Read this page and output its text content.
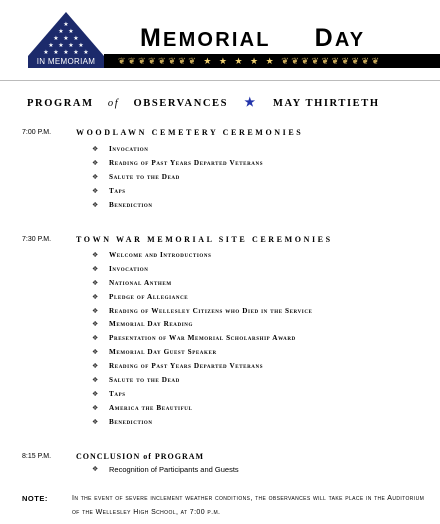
★
★ ★
★ ★ ★
★ ★ ★ ★
★ ★ ★ ★ ★
IN MEMORIAM
MEMORIAL DAY
❦❦❦❦❦❦❦❦ ★ ★ ★ ★ ★ ❦❦❦❦❦❦❦❦❦❦
PROGRAM of OBSERVANCES ★ MAY THIRTIETH
7:00 P.M.	WOODLAWN CEMETERY CEREMONIES
❖ Invocation
❖ Reading of Past Years Departed Veterans
❖ Salute to the Dead
❖ Taps
❖ Benediction
7:30 P.M.	TOWN WAR MEMORIAL SITE CEREMONIES
❖ Welcome and Introductions
❖ Invocation
❖ National Anthem
❖ Pledge of Allegiance
❖ Reading of Wellesley Citizens who Died in the Service
❖ Memorial Day Reading
❖ Presentation of War Memorial Scholarship Award
❖ Memorial Day Guest Speaker
❖ Reading of Past Years Departed Veterans
❖ Salute to the Dead
❖ Taps
❖ America the Beautiful
❖ Benediction
8:15 P.M.	CONCLUSION of PROGRAM
❖ Recognition of Participants and Guests
NOTE:	In the event of severe inclement weather conditions, the observances will take place in the Auditorium of the Wellesley High School, at 7:00 p.m.
